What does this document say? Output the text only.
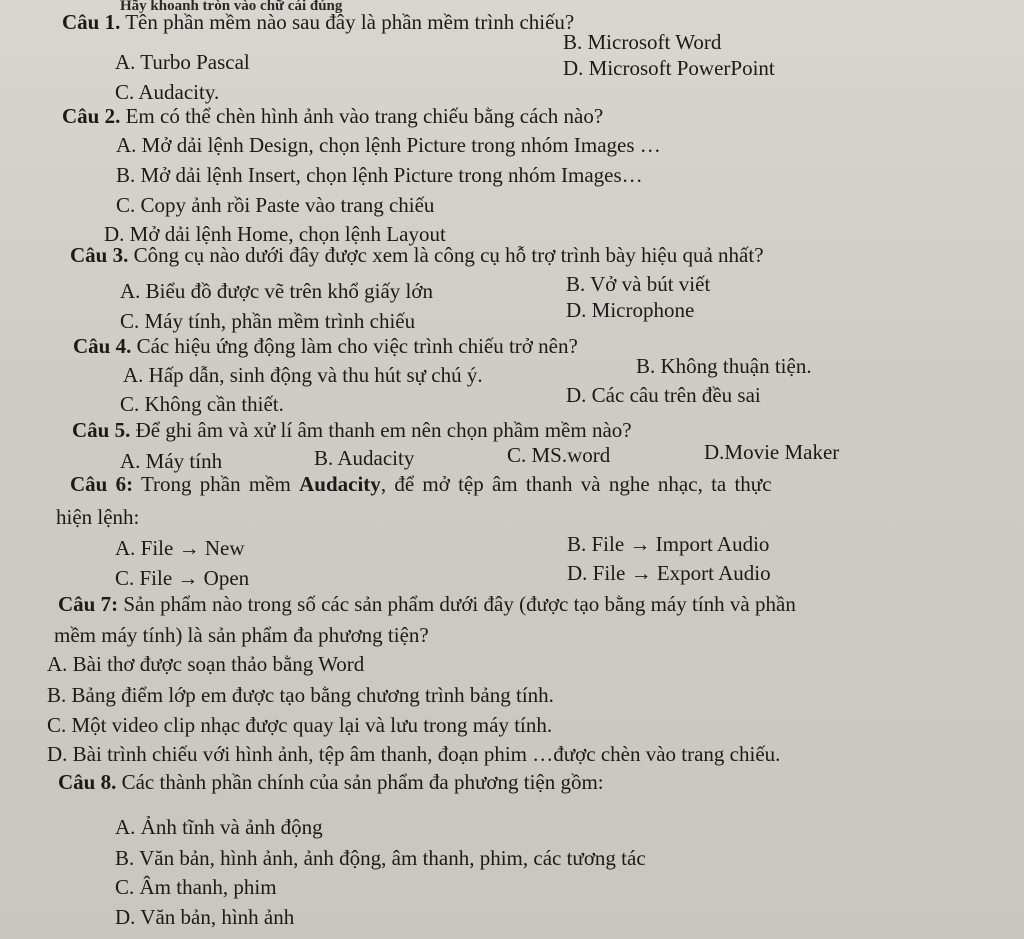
Hãy khoanh tròn vào chữ cái đúng
Câu 1. Tên phần mềm nào sau đây là phần mềm trình chiếu?
A. Turbo Pascal
B. Microsoft Word
C. Audacity.
D. Microsoft PowerPoint
Câu 2. Em có thể chèn hình ảnh vào trang chiếu bằng cách nào?
A. Mở dải lệnh Design, chọn lệnh Picture trong nhóm Images …
B. Mở dải lệnh Insert, chọn lệnh Picture trong nhóm Images…
C. Copy ảnh rồi Paste vào trang chiếu
D. Mở dải lệnh Home, chọn lệnh Layout
Câu 3. Công cụ nào dưới đây được xem là công cụ hỗ trợ trình bày hiệu quả nhất?
A. Biểu đồ được vẽ trên khổ giấy lớn	B. Vở và bút viết
C. Máy tính, phần mềm trình chiếu	D. Microphone
Câu 4. Các hiệu ứng động làm cho việc trình chiếu trở nên?
A. Hấp dẫn, sinh động và thu hút sự chú ý.	B. Không thuận tiện.
C. Không cần thiết.	D. Các câu trên đều sai
Câu 5. Để ghi âm và xử lí âm thanh em nên chọn phầm mềm nào?
A. Máy tính	B. Audacity	C. MS.word	D.Movie Maker
Câu 6: Trong phần mềm Audacity, để mở tệp âm thanh và nghe nhạc, ta thực
hiện lệnh:
A. File → New	B. File → Import Audio
C. File → Open	D. File → Export Audio
Câu 7: Sản phẩm nào trong số các sản phẩm dưới đây (được tạo bằng máy tính và phần
mềm máy tính) là sản phẩm đa phương tiện?
A. Bài thơ được soạn thảo bằng Word
B. Bảng điểm lớp em được tạo bằng chương trình bảng tính.
C. Một video clip nhạc được quay lại và lưu trong máy tính.
D. Bài trình chiếu với hình ảnh, tệp âm thanh, đoạn phim …được chèn vào trang chiếu.
Câu 8. Các thành phần chính của sản phẩm đa phương tiện gồm:
A. Ảnh tĩnh và ảnh động
B. Văn bản, hình ảnh, ảnh động, âm thanh, phim, các tương tác
C. Âm thanh, phim
D. Văn bản, hình ảnh
